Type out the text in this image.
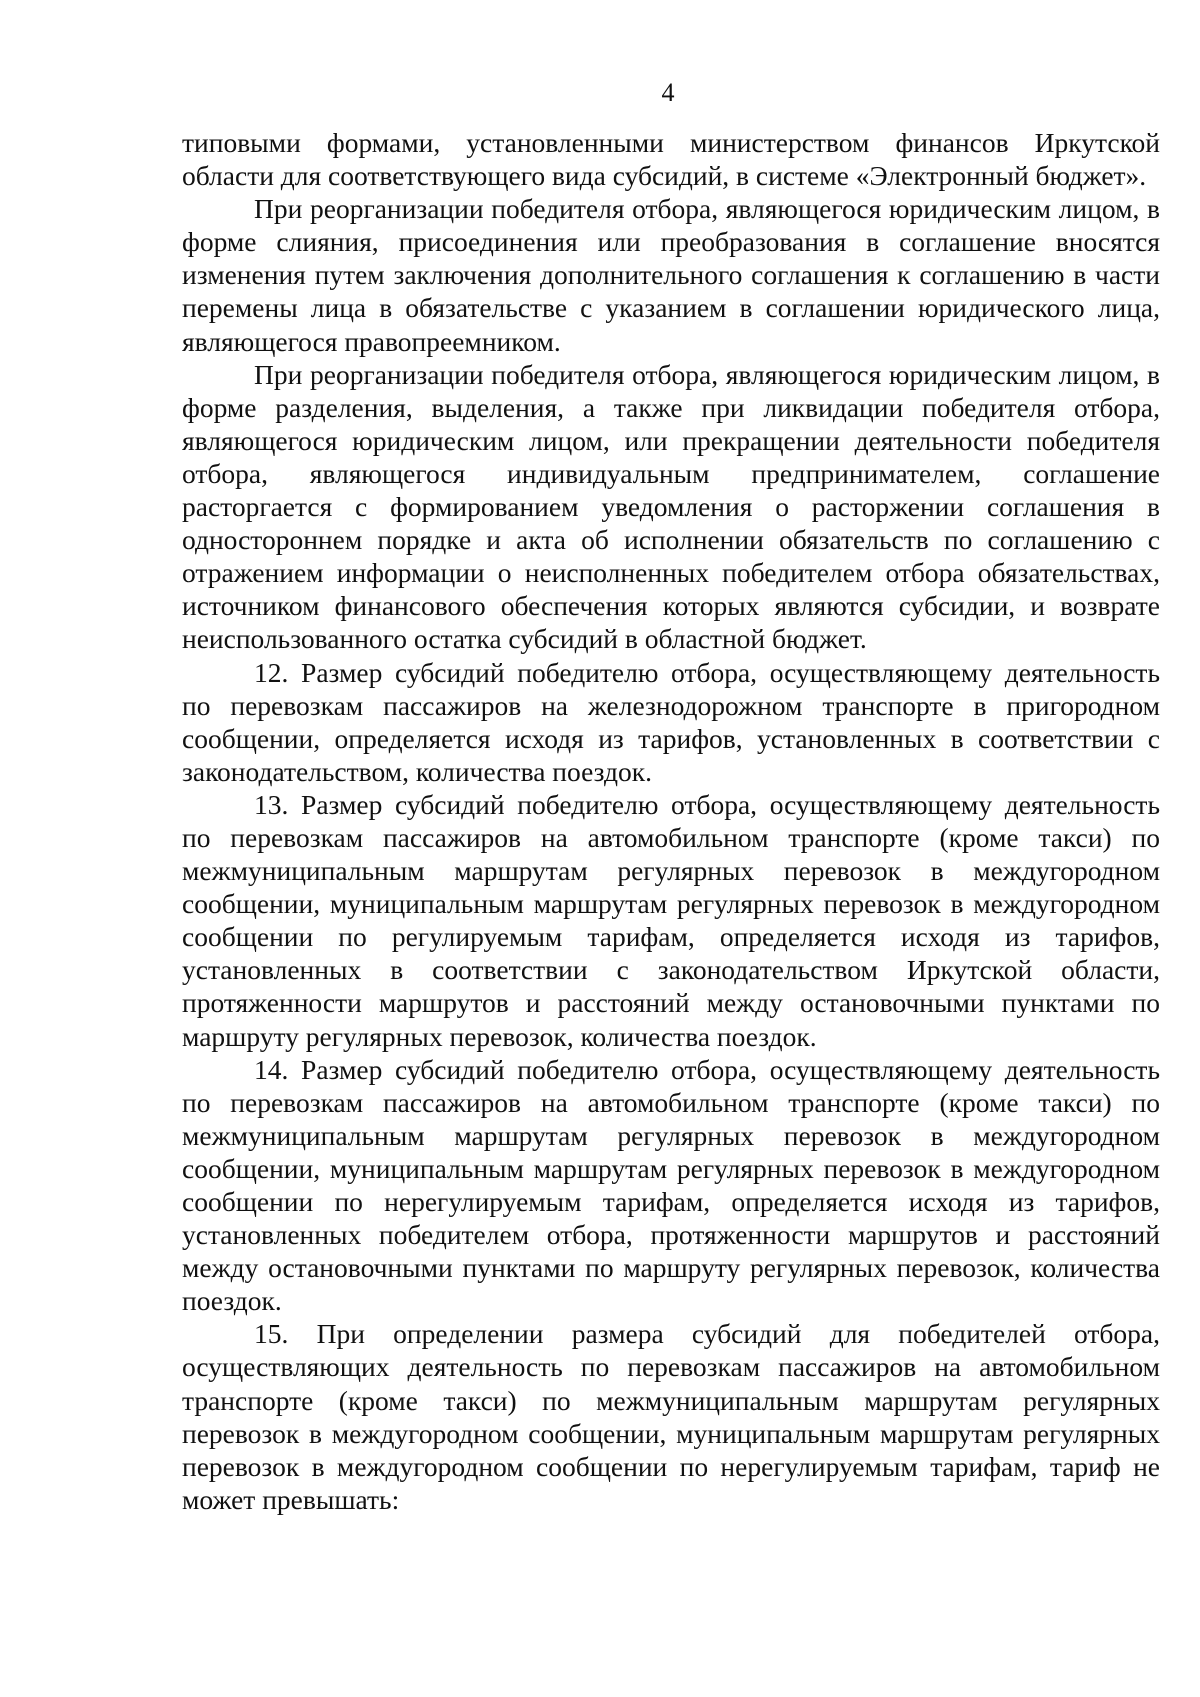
4

типовыми формами, установленными министерством финансов Иркутской области для соответствующего вида субсидий, в системе «Электронный бюджет».

При реорганизации победителя отбора, являющегося юридическим лицом, в форме слияния, присоединения или преобразования в соглашение вносятся изменения путем заключения дополнительного соглашения к соглашению в части перемены лица в обязательстве с указанием в соглашении юридического лица, являющегося правопреемником.

При реорганизации победителя отбора, являющегося юридическим лицом, в форме разделения, выделения, а также при ликвидации победителя отбора, являющегося юридическим лицом, или прекращении деятельности победителя отбора, являющегося индивидуальным предпринимателем, соглашение расторгается с формированием уведомления о расторжении соглашения в одностороннем порядке и акта об исполнении обязательств по соглашению с отражением информации о неисполненных победителем отбора обязательствах, источником финансового обеспечения которых являются субсидии, и возврате неиспользованного остатка субсидий в областной бюджет.

12. Размер субсидий победителю отбора, осуществляющему деятельность по перевозкам пассажиров на железнодорожном транспорте в пригородном сообщении, определяется исходя из тарифов, установленных в соответствии с законодательством, количества поездок.

13. Размер субсидий победителю отбора, осуществляющему деятельность по перевозкам пассажиров на автомобильном транспорте (кроме такси) по межмуниципальным маршрутам регулярных перевозок в междугородном сообщении, муниципальным маршрутам регулярных перевозок в междугородном сообщении по регулируемым тарифам, определяется исходя из тарифов, установленных в соответствии с законодательством Иркутской области, протяженности маршрутов и расстояний между остановочными пунктами по маршруту регулярных перевозок, количества поездок.

14. Размер субсидий победителю отбора, осуществляющему деятельность по перевозкам пассажиров на автомобильном транспорте (кроме такси) по межмуниципальным маршрутам регулярных перевозок в междугородном сообщении, муниципальным маршрутам регулярных перевозок в междугородном сообщении по нерегулируемым тарифам, определяется исходя из тарифов, установленных победителем отбора, протяженности маршрутов и расстояний между остановочными пунктами по маршруту регулярных перевозок, количества поездок.

15. При определении размера субсидий для победителей отбора, осуществляющих деятельность по перевозкам пассажиров на автомобильном транспорте (кроме такси) по межмуниципальным маршрутам регулярных перевозок в междугородном сообщении, муниципальным маршрутам регулярных перевозок в междугородном сообщении по нерегулируемым тарифам, тариф не может превышать:
